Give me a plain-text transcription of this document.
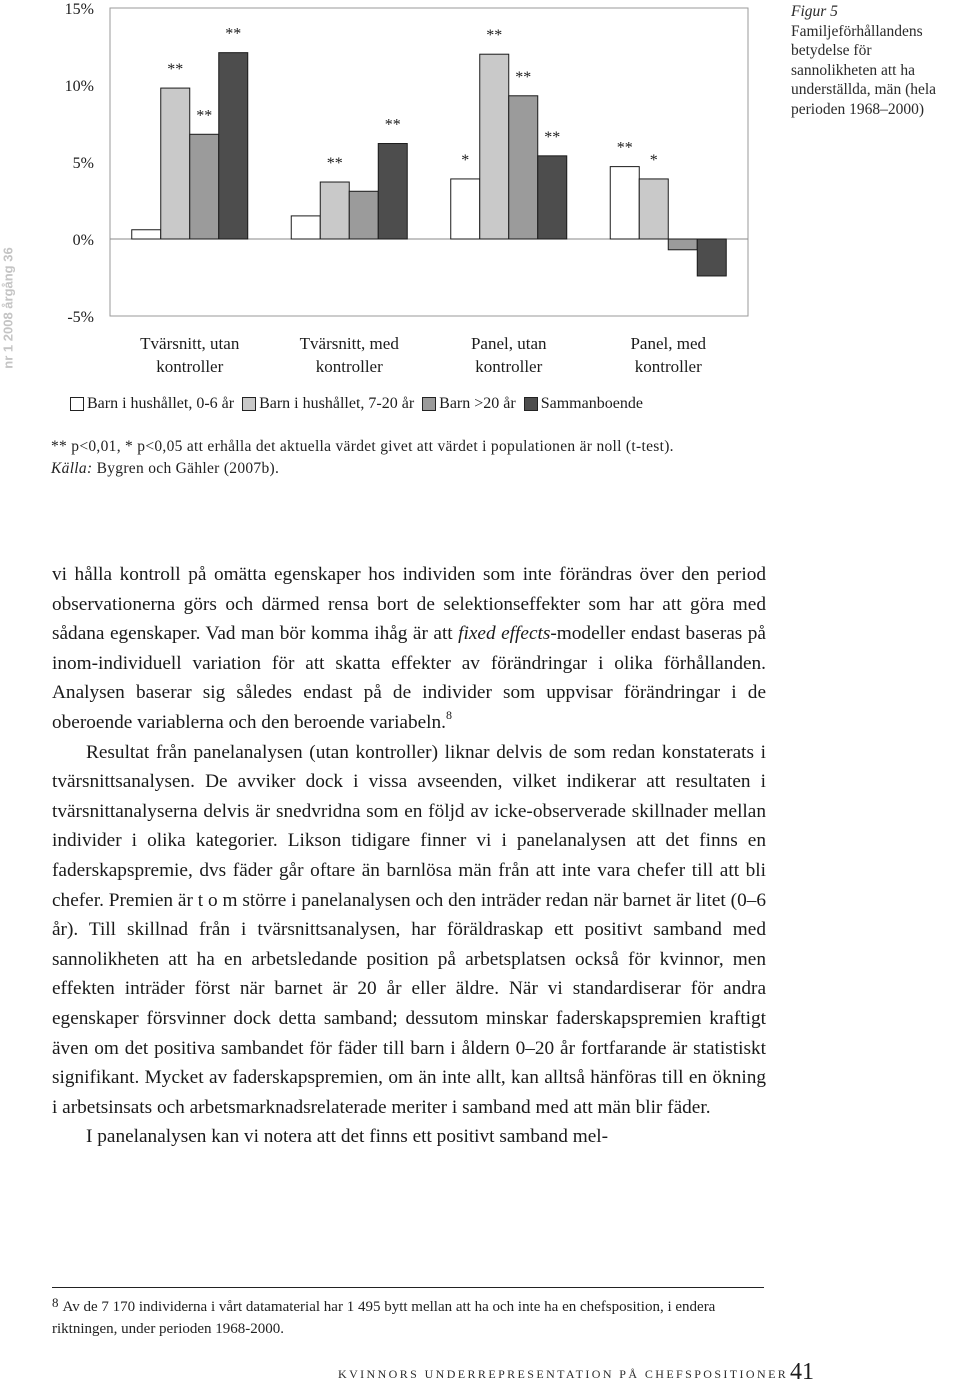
nr 1 2008 årgång 36
15%
10%
5%
0%
-5%
*
**
**
**
**
*
**
**
**
**
**
Tvärsnitt, utan
kontroller
Tvärsnitt, med
kontroller
Panel, utan
kontroller
Panel, med
kontroller
Figur 5
Familjeförhållandens betydelse för sannolikheten att ha underställda, män (hela perioden 1968–2000)
Barn i hushållet, 0-6 år Barn i hushållet, 7-20 år Barn >20 år Sammanboende

** p<0,01, * p<0,05 att erhålla det aktuella värdet givet att värdet i populationen är noll (t-test).

Källa: Bygren och Gähler (2007b).

vi hålla kontroll på omätta egenskaper hos individen som inte förändras över den period observationerna görs och därmed rensa bort de selektionseffekter som har att göra med sådana egenskaper. Vad man bör komma ihåg är att fixed effects-modeller endast baseras på inom-individuell variation för att skatta effekter av förändringar i olika förhållanden. Analysen baserar sig således endast på de individer som uppvisar förändringar i de oberoende variablerna och den beroende variabeln.$^8$

Resultat från panelanalysen (utan kontroller) liknar delvis de som redan konstaterats i tvärsnittsanalysen. De avviker dock i vissa avseenden, vilket indikerar att resultaten i tvärsnittanalyserna delvis är snedvridna som en följd av icke-observerade skillnader mellan individer i olika kategorier. Likson tidigare finner vi i panelanalysen att det finns en faderskapspremie, dvs fäder går oftare än barnlösa män från att inte vara chefer till att bli chefer. Premien är t o m större i panelanalysen och den inträder redan när barnet är litet (0–6 år). Till skillnad från i tvärsnittsanalysen, har föräldraskap ett positivt samband med sannolikheten att ha en arbetsledande position på arbetsplatsen också för kvinnor, men effekten inträder först när barnet är 20 år eller äldre. När vi standardiserar för andra egenskaper försvinner dock detta samband; dessutom minskar faderskapspremien kraftigt även om det positiva sambandet för fäder till barn i åldern 0–20 år fortfarande är statistiskt signifikant. Mycket av faderskapspremien, om än inte allt, kan alltså hänföras till en ökning i arbetsinsats och arbetsmarknadsrelaterade meriter i samband med att män blir fäder.

I panelanalysen kan vi notera att det finns ett positivt samband mel-

8 Av de 7 170 individerna i vårt datamaterial har 1 495 bytt mellan att ha och inte ha en chefsposition, i endera riktningen, under perioden 1968-2000.
KVINNORS UNDERREPRESENTATION PÅ CHEFSPOSITIONER 41
